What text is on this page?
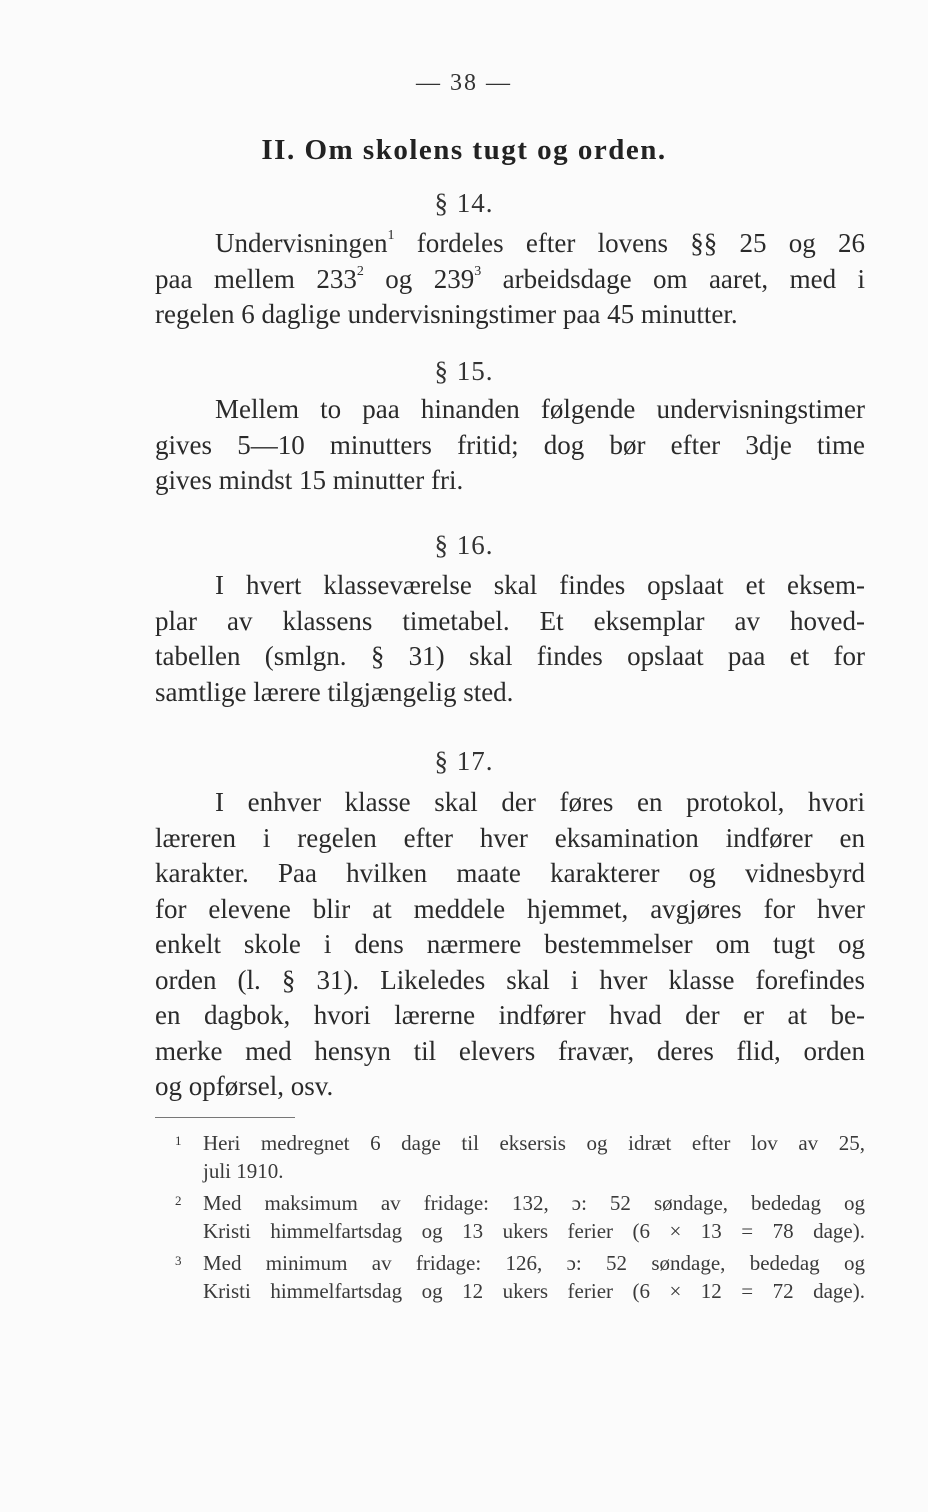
— 38 —
II. Om skolens tugt og orden.
§ 14.
Undervisningen$^1$ fordeles efter lovens §§ 25 og 26
paa mellem $233^2$ og $239^3$ arbeidsdage om aaret, med i
regelen 6 daglige undervisningstimer paa 45 minutter.
§ 15.
Mellem to paa hinanden følgende undervisningstimer
gives 5—10 minutters fritid; dog bør efter 3dje time
gives mindst 15 minutter fri.
§ 16.
I hvert klasseværelse skal findes opslaat et eksem-
plar av klassens timetabel. Et eksemplar av hoved-
tabellen (smlgn. § 31) skal findes opslaat paa et for
samtlige lærere tilgjængelig sted.
§ 17.
I enhver klasse skal der føres en protokol, hvori
læreren i regelen efter hver eksamination indfører en
karakter. Paa hvilken maate karakterer og vidnesbyrd
for elevene blir at meddele hjemmet, avgjøres for hver
enkelt skole i dens nærmere bestemmelser om tugt og
orden (l. § 31). Likeledes skal i hver klasse forefindes
en dagbok, hvori lærerne indfører hvad der er at be-
merke med hensyn til elevers fravær, deres flid, orden
og opførsel, osv.
1 Heri medregnet 6 dage til eksersis og idræt efter lov av 25,
juli 1910.
2 Med maksimum av fridage: 132, ɔ: 52 søndage, bededag og
Kristi himmelfartsdag og 13 ukers ferier (6 × 13 = 78 dage).
3 Med minimum av fridage: 126, ɔ: 52 søndage, bededag og
Kristi himmelfartsdag og 12 ukers ferier (6 × 12 = 72 dage).
